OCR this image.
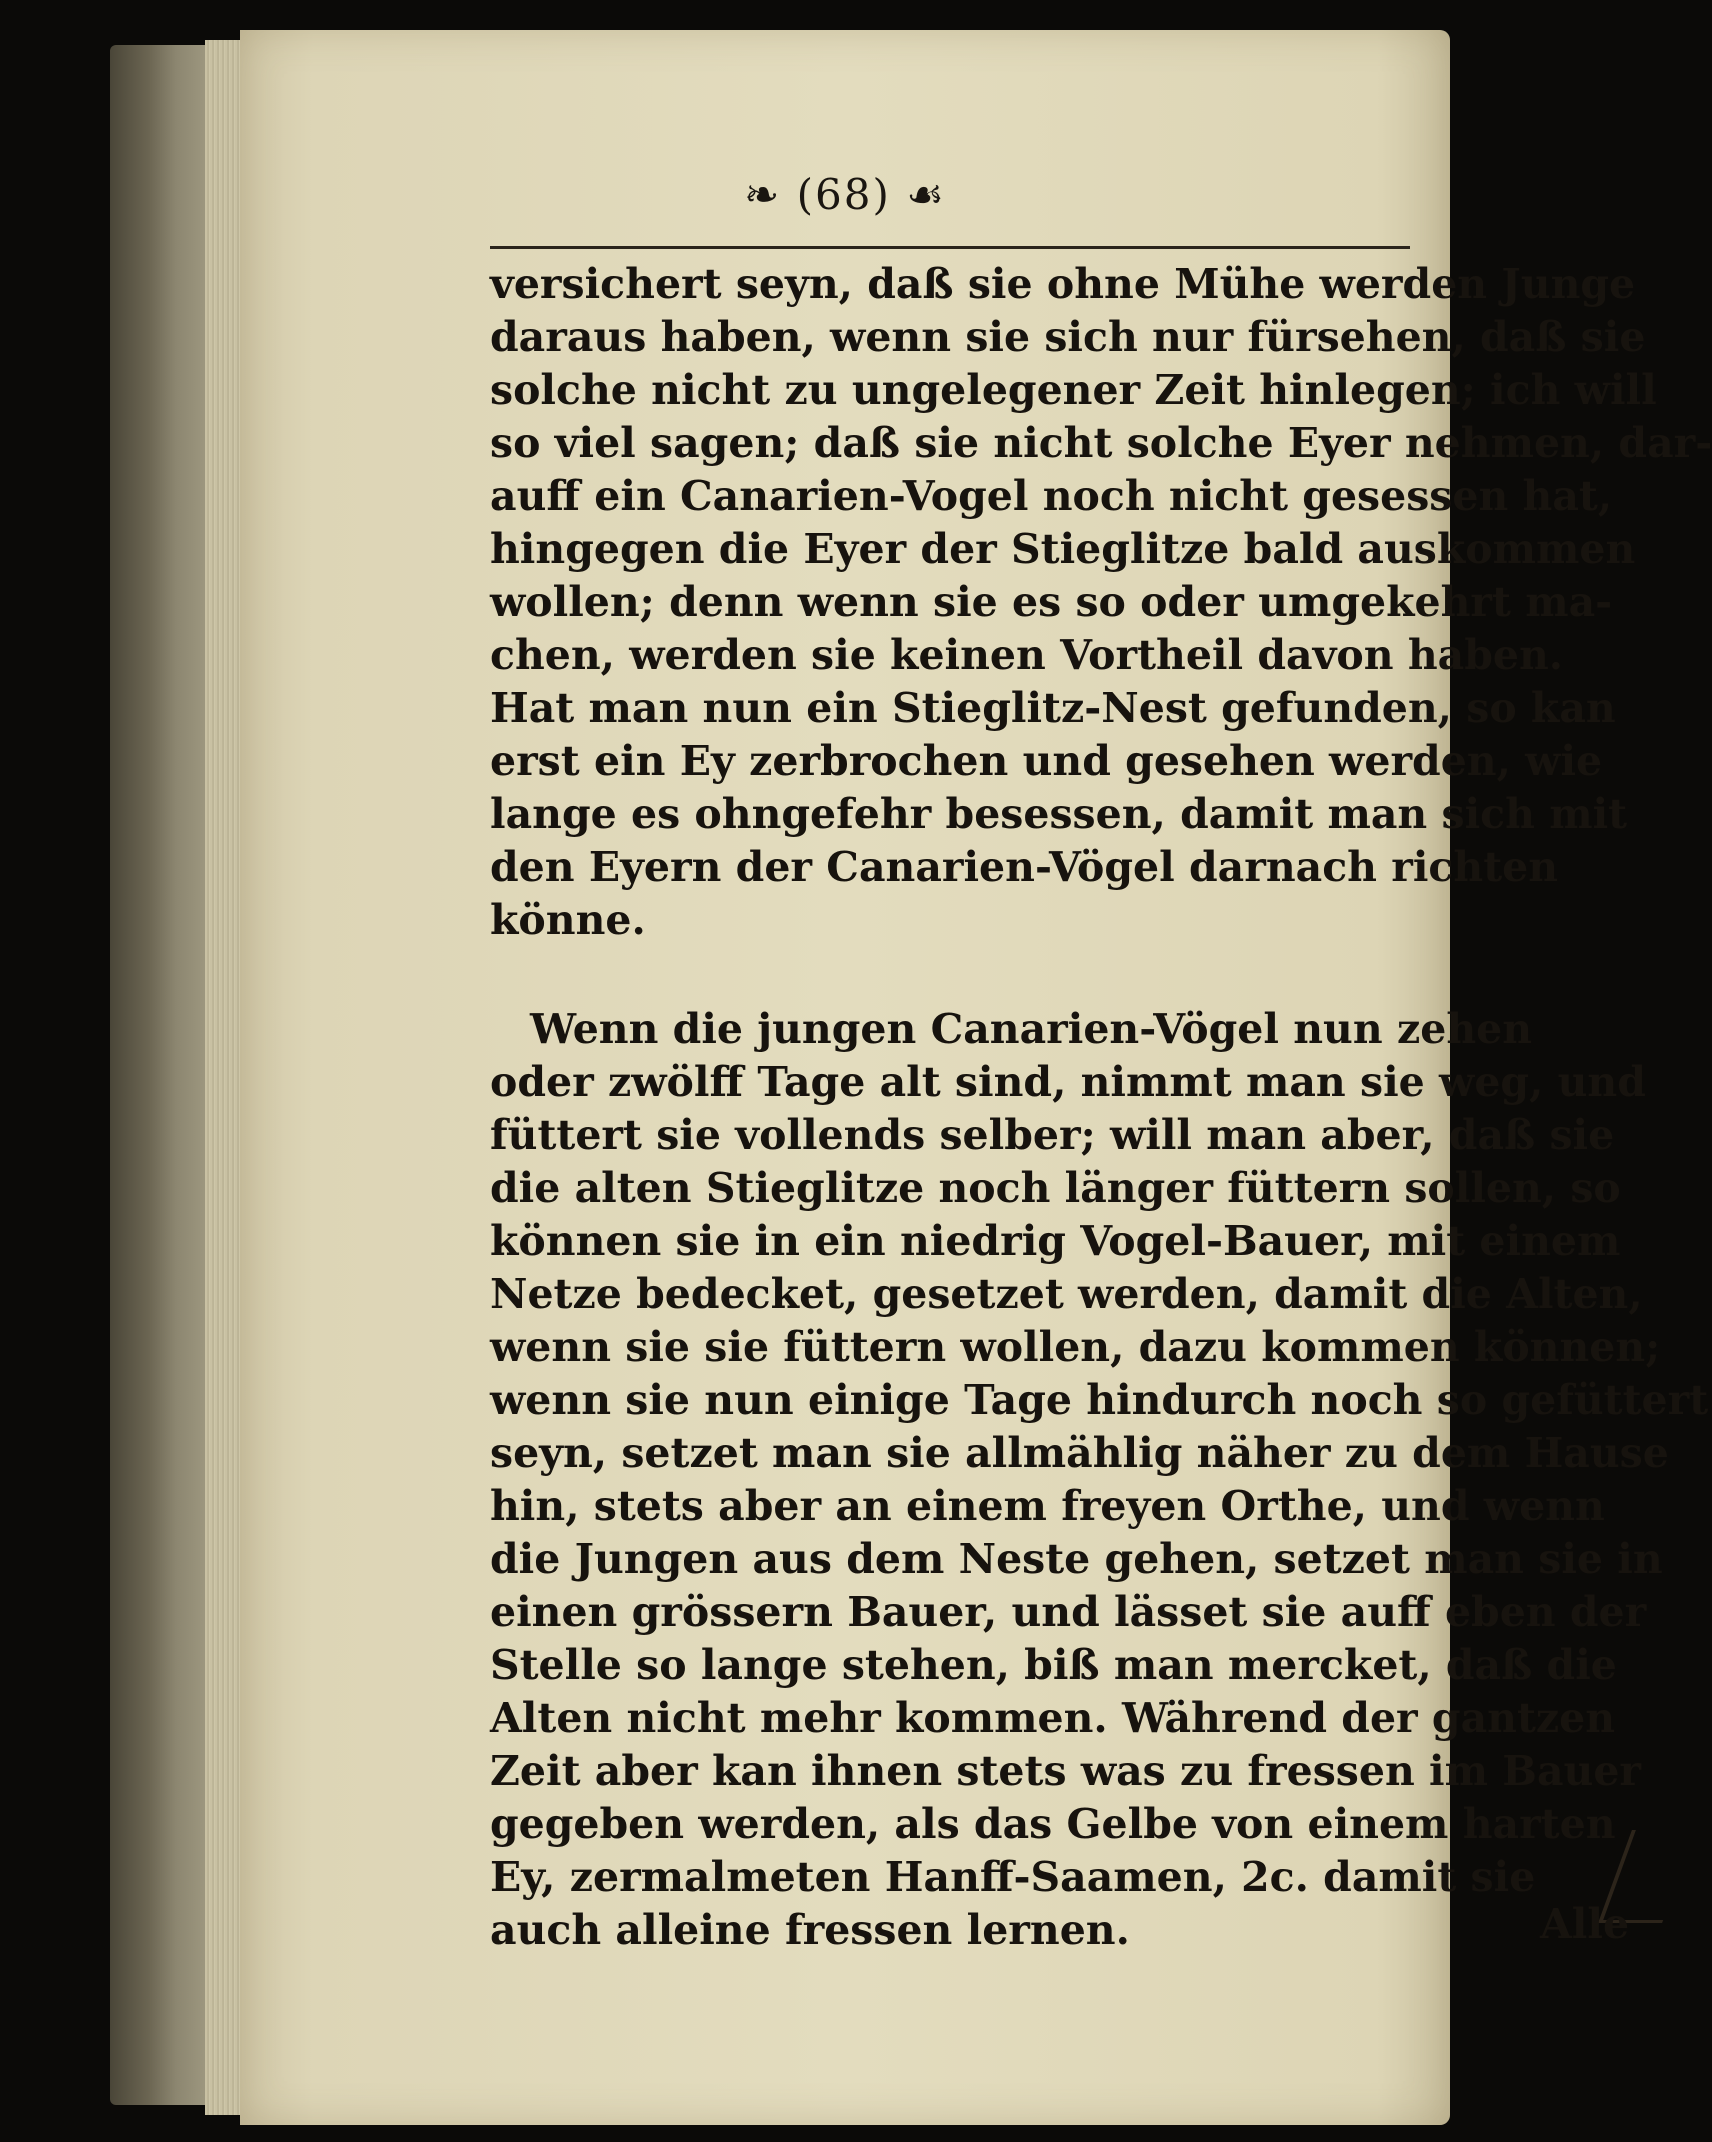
❧ (68) ☙
versichert seyn, daß sie ohne Mühe werden Junge
daraus haben, wenn sie sich nur fürsehen, daß sie
solche nicht zu ungelegener Zeit hinlegen; ich will
so viel sagen; daß sie nicht solche Eyer nehmen, dar-
auff ein Canarien-Vogel noch nicht gesessen hat,
hingegen die Eyer der Stieglitze bald auskommen
wollen; denn wenn sie es so oder umgekehrt ma-
chen, werden sie keinen Vortheil davon haben.
Hat man nun ein Stieglitz-Nest gefunden, so kan
erst ein Ey zerbrochen und gesehen werden, wie
lange es ohngefehr besessen, damit man sich mit
den Eyern der Canarien-Vögel darnach richten
könne.
Wenn die jungen Canarien-Vögel nun zehen
oder zwölff Tage alt sind, nimmt man sie weg, und
füttert sie vollends selber; will man aber, daß sie
die alten Stieglitze noch länger füttern sollen, so
können sie in ein niedrig Vogel-Bauer, mit einem
Netze bedecket, gesetzet werden, damit die Alten,
wenn sie sie füttern wollen, dazu kommen können;
wenn sie nun einige Tage hindurch noch so gefüttert
seyn, setzet man sie allmählig näher zu dem Hause
hin, stets aber an einem freyen Orthe, und wenn
die Jungen aus dem Neste gehen, setzet man sie in
einen grössern Bauer, und lässet sie auff eben der
Stelle so lange stehen, biß man mercket, daß die
Alten nicht mehr kommen. Während der gantzen
Zeit aber kan ihnen stets was zu fressen im Bauer
gegeben werden, als das Gelbe von einem harten
Ey, zermalmeten Hanff-Saamen, 2c. damit sie
auch alleine fressen lernen.	Alle
